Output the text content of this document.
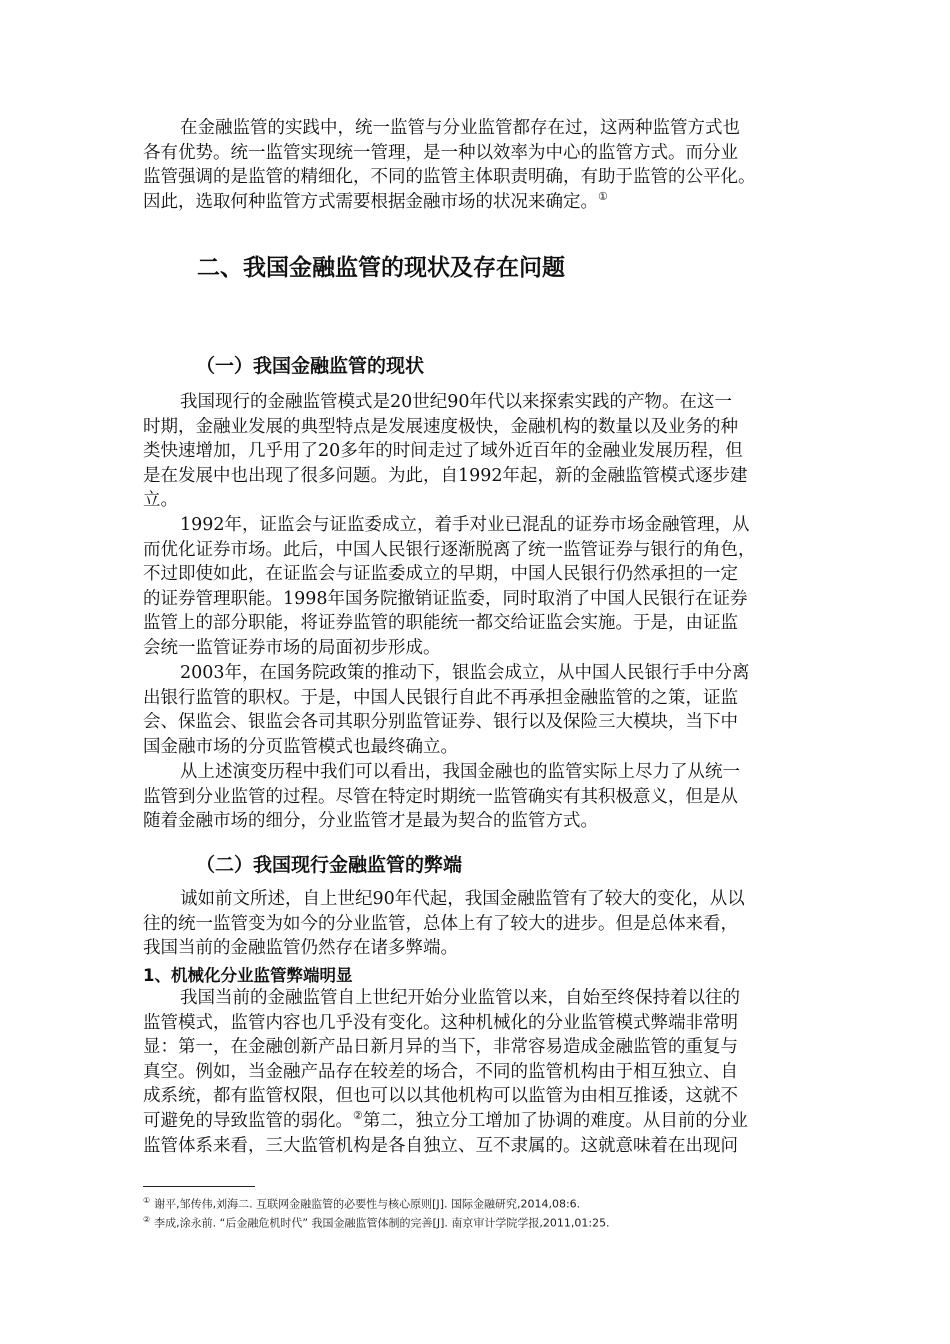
在金融监管的实践中，统一监管与分业监管都存在过，这两种监管方式也
各有优势。统一监管实现统一管理，是一种以效率为中心的监管方式。而分业
监管强调的是监管的精细化，不同的监管主体职责明确，有助于监管的公平化。
因此，选取何种监管方式需要根据金融市场的状况来确定。①
二、我国金融监管的现状及存在问题
（一）我国金融监管的现状
我国现行的金融监管模式是20世纪90年代以来探索实践的产物。在这一
时期，金融业发展的典型特点是发展速度极快，金融机构的数量以及业务的种
类快速增加，几乎用了20多年的时间走过了域外近百年的金融业发展历程，但
是在发展中也出现了很多问题。为此，自1992年起，新的金融监管模式逐步建
立。
1992年，证监会与证监委成立，着手对业已混乱的证券市场金融管理，从
而优化证券市场。此后，中国人民银行逐渐脱离了统一监管证券与银行的角色，
不过即使如此，在证监会与证监委成立的早期，中国人民银行仍然承担的一定
的证券管理职能。1998年国务院撤销证监委，同时取消了中国人民银行在证券
监管上的部分职能，将证券监管的职能统一都交给证监会实施。于是，由证监
会统一监管证券市场的局面初步形成。
2003年，在国务院政策的推动下，银监会成立，从中国人民银行手中分离
出银行监管的职权。于是，中国人民银行自此不再承担金融监管的之策，证监
会、保监会、银监会各司其职分别监管证券、银行以及保险三大模块，当下中
国金融市场的分页监管模式也最终确立。
从上述演变历程中我们可以看出，我国金融也的监管实际上尽力了从统一
监管到分业监管的过程。尽管在特定时期统一监管确实有其积极意义，但是从
随着金融市场的细分，分业监管才是最为契合的监管方式。
（二）我国现行金融监管的弊端
诚如前文所述，自上世纪90年代起，我国金融监管有了较大的变化，从以
往的统一监管变为如今的分业监管，总体上有了较大的进步。但是总体来看，
我国当前的金融监管仍然存在诸多弊端。
1、机械化分业监管弊端明显
我国当前的金融监管自上世纪开始分业监管以来，自始至终保持着以往的
监管模式，监管内容也几乎没有变化。这种机械化的分业监管模式弊端非常明
显：第一，在金融创新产品日新月异的当下，非常容易造成金融监管的重复与
真空。例如，当金融产品存在较差的场合，不同的监管机构由于相互独立、自
成系统，都有监管权限，但也可以以其他机构可以监管为由相互推诿，这就不
可避免的导致监管的弱化。②第二，独立分工增加了协调的难度。从目前的分业
监管体系来看，三大监管机构是各自独立、互不隶属的。这就意味着在出现问
① 谢平,邹传伟,刘海二. 互联网金融监管的必要性与核心原则[J]. 国际金融研究,2014,08:6.
② 李成,涂永前. “后金融危机时代” 我国金融监管体制的完善[J]. 南京审计学院学报,2011,01:25.
